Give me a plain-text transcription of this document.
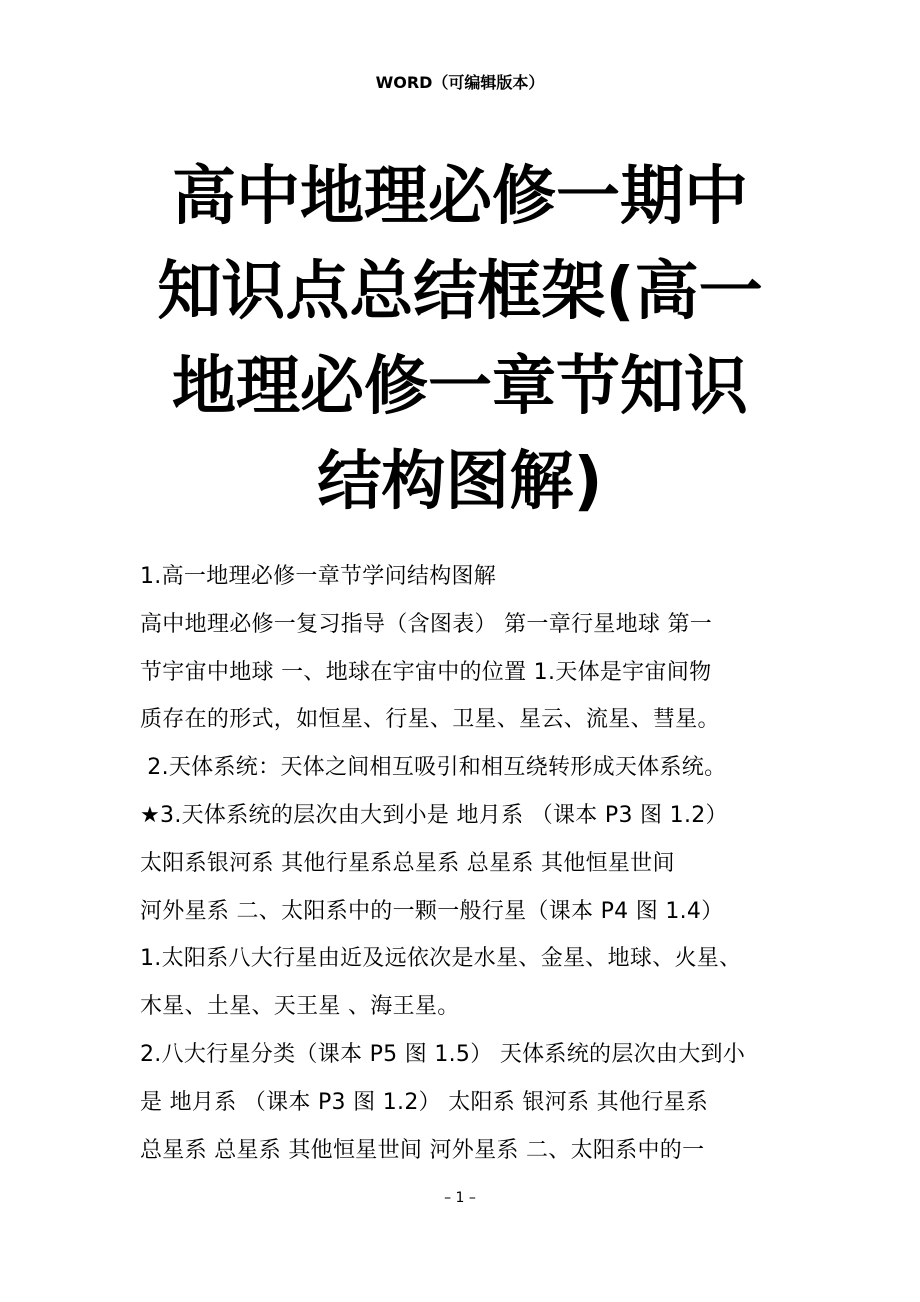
WORD（可编辑版本）
高中地理必修一期中
知识点总结框架(高一
地理必修一章节知识
结构图解)
1.高一地理必修一章节学问结构图解
高中地理必修一复习指导（含图表） 第一章行星地球 第一
节宇宙中地球 一、地球在宇宙中的位置 1.天体是宇宙间物
质存在的形式，如恒星、行星、卫星、星云、流星、彗星。
2.天体系统：天体之间相互吸引和相互绕转形成天体系统。
★3.天体系统的层次由大到小是 地月系 （课本 P3 图 1.2）
太阳系银河系 其他行星系总星系 总星系 其他恒星世间
河外星系 二、太阳系中的一颗一般行星（课本 P4 图 1.4）
1.太阳系八大行星由近及远依次是水星、金星、地球、火星、
木星、土星、天王星 、海王星。
2.八大行星分类（课本 P5 图 1.5） 天体系统的层次由大到小
是 地月系 （课本 P3 图 1.2） 太阳系 银河系 其他行星系
总星系 总星系 其他恒星世间 河外星系 二、太阳系中的一
– 1 –
